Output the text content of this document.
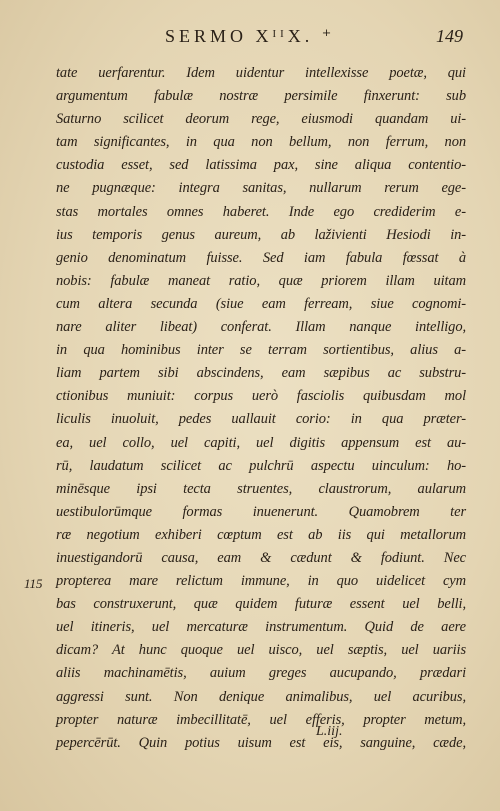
SERMO XᴵᴵX. ⁺	149
115
tate uerfarentur. Idem uidentur intellexisse poetæ, qui
argumentum fabulæ nostræ persimile finxerunt: sub
Saturno scilicet deorum rege, eiusmodi quandam ui-
tam significantes, in qua non bellum, non ferrum, non
custodia esset, sed latissima pax, sine aliqua contentio-
ne pugnæque: integra sanitas, nullarum rerum ege-
stas mortales omnes haberet. Inde ego crediderim e-
ius temporis genus aureum, ab laživienti Hesiodi in-
genio denominatum fuisse. Sed iam fabula fœssat à
nobis: fabulæ maneat ratio, quæ priorem illam uitam
cum altera secunda (siue eam ferream, siue cognomi-
nare aliter libeat) conferat. Illam nanque intelligo,
in qua hominibus inter se terram sortientibus, alius a-
liam partem sibi abscindens, eam sæpibus ac substru-
ctionibus muniuit: corpus uerò fasciolis quibusdam mol
liculis inuoluit, pedes uallauit corio: in qua præter-
ea, uel collo, uel capiti, uel digitis appensum est au-
rū, laudatum scilicet ac pulchrū aspectu uinculum: ho-
minēsque ipsi tecta struentes, claustrorum, aularum
uestibulorūmque formas inuenerunt. Quamobrem ter
ræ negotium exhiberi cœptum est ab iis qui metallorum
inuestigandorū causa, eam & cædunt & fodiunt. Nec
propterea mare relictum immune, in quo uidelicet cym
bas construxerunt, quæ quidem futuræ essent uel belli,
uel itineris, uel mercaturæ instrumentum. Quid de aere
dicam? At hunc quoque uel uisco, uel sæptis, uel uariis
aliis machinamētis, auium greges aucupando, prædari
aggressi sunt. Non denique animalibus, uel acuribus,
propter naturæ imbecillitatē, uel efferis, propter metum,
pepercērūt. Quin potius uisum est eis, sanguine, cæde,
L.iij.
